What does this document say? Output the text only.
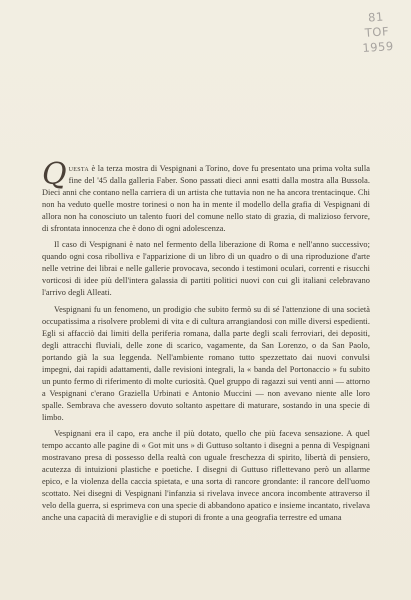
81
TOF
1959

Questa è la terza mostra di Vespignani a Torino, dove fu presentato una prima volta sulla fine del '45 dalla galleria Faber. Sono passati dieci anni esatti dalla mostra alla Bussola. Dieci anni che contano nella carriera di un artista che tuttavia non ne ha ancora trentacinque. Chi non ha veduto quelle mostre torinesi o non ha in mente il modello della grafia di Vespignani di allora non ha conosciuto un talento fuori del comune nello stato di grazia, di malizioso fervore, di sfrontata innocenza che è dono di ogni adolescenza.

Il caso di Vespignani è nato nel fermento della liberazione di Roma e nell'anno successivo; quando ogni cosa ribolliva e l'apparizione di un libro di un quadro o di una riproduzione d'arte nelle vetrine dei librai e nelle gallerie provocava, secondo i testimoni oculari, correnti e risucchi vorticosi di idee più dell'intera galassia di partiti politici nuovi con cui gli italiani celebravano l'arrivo degli Alleati.

Vespignani fu un fenomeno, un prodigio che subito fermò su di sé l'attenzione di una società occupatissima a risolvere problemi di vita e di cultura arrangiandosi con mille diversi espedienti. Egli si affacciò dai limiti della periferia romana, dalla parte degli scali ferroviari, dei depositi, degli attracchi fluviali, delle zone di scarico, vagamente, da San Lorenzo, o da San Paolo, portando già la sua leggenda. Nell'ambiente romano tutto spezzettato dai nuovi convulsi impegni, dai rapidi adattamenti, dalle revisioni integrali, la « banda del Portonaccio » fu subito un punto fermo di riferimento di molte curiosità. Quel gruppo di ragazzi sui venti anni — attorno a Vespignani c'erano Graziella Urbinati e Antonio Muccini — non avevano niente alle loro spalle. Sembrava che avessero dovuto soltanto aspettare di maturare, sostando in una specie di limbo.

Vespignani era il capo, era anche il più dotato, quello che più faceva sensazione. A quel tempo accanto alle pagine di « Got mit uns » di Guttuso soltanto i disegni a penna di Vespignani mostravano presa di possesso della realtà con uguale freschezza di spirito, libertà di pensiero, acutezza di intuizioni plastiche e poetiche. I disegni di Guttuso riflettevano però un allarme epico, e la violenza della caccia spietata, e una sorta di rancore grondante: il rancore dell'uomo scottato. Nei disegni di Vespignani l'infanzia si rivelava invece ancora incombente attraverso il velo della guerra, si esprimeva con una specie di abbandono apatico e insieme incantato, rivelava anche una capacità di meraviglie e di stupori di fronte a una geografia terrestre ed umana
